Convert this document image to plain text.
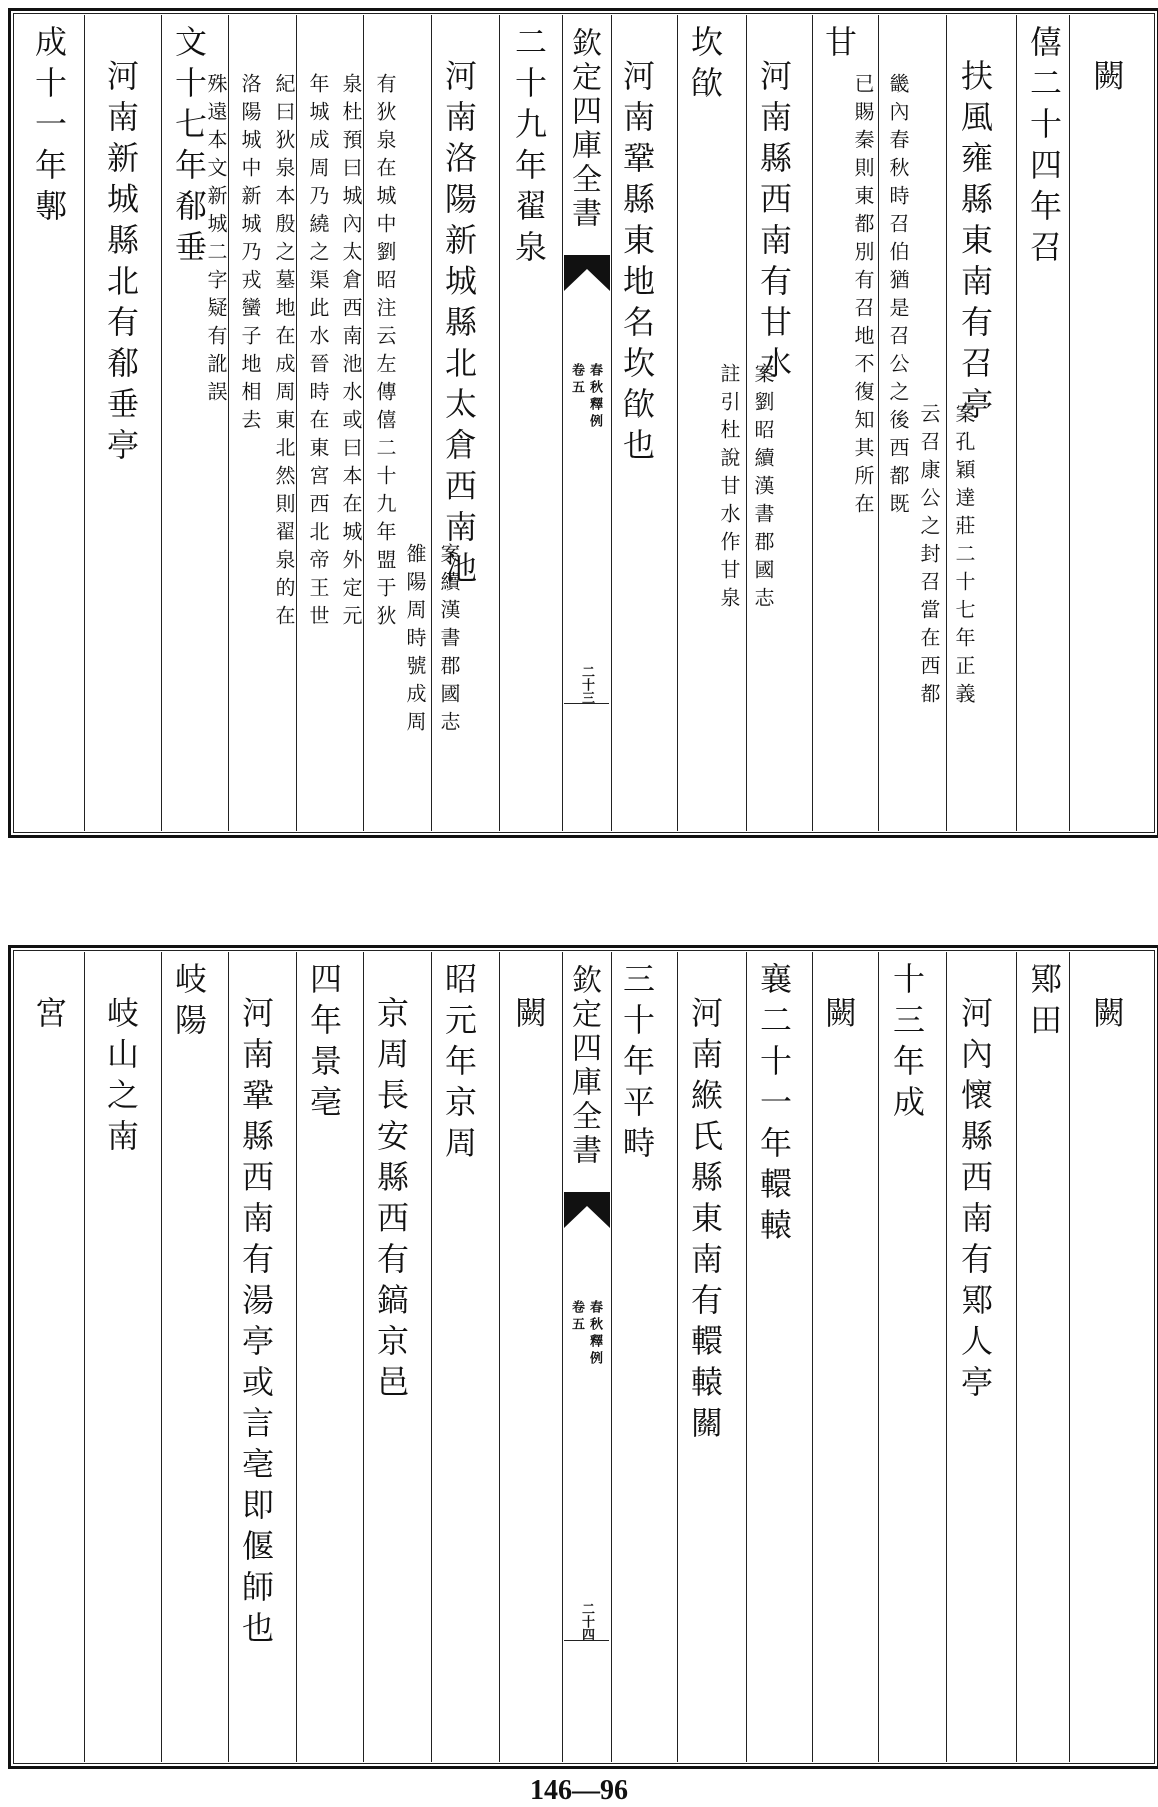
闕
僖二十四年召
扶風雍縣東南有召亭
案孔穎達莊二十七年正義
云召康公之封召當在西都
畿內春秋時召伯猶是召公之後西都既
已賜秦則東都別有召地不復知其所在
甘
河南縣西南有甘水
案劉昭續漢書郡國志
註引杜說甘水作甘泉
坎欿
河南鞏縣東地名坎欿也
欽定四庫全書
春秋釋例
卷五
二十三
二十九年翟泉
河南洛陽新城縣北太倉西南池
案續漢書郡國志
雒陽周時號成周
有狄泉在城中劉昭注云左傳僖二十九年盟于狄
泉杜預曰城內太倉西南池水或曰本在城外定元
年城成周乃繞之渠此水晉時在東宮西北帝王世
紀曰狄泉本殷之墓地在成周東北然則翟泉的在
洛陽城中新城乃戎蠻子地相去
殊遠本文新城二字疑有訛誤
文十七年郩垂
河南新城縣北有郩垂亭
成十一年鄟
闕
鄍田
河內懷縣西南有鄍人亭
十三年成
闕
襄二十一年轘轅
河南緱氏縣東南有轘轅關
三十年平畤
欽定四庫全書
春秋釋例
卷五
二十四
闕
昭元年京周
京周長安縣西有鎬京邑
四年景亳
河南鞏縣西南有湯亭或言亳即偃師也
岐陽
岐山之南
宮
146—96
